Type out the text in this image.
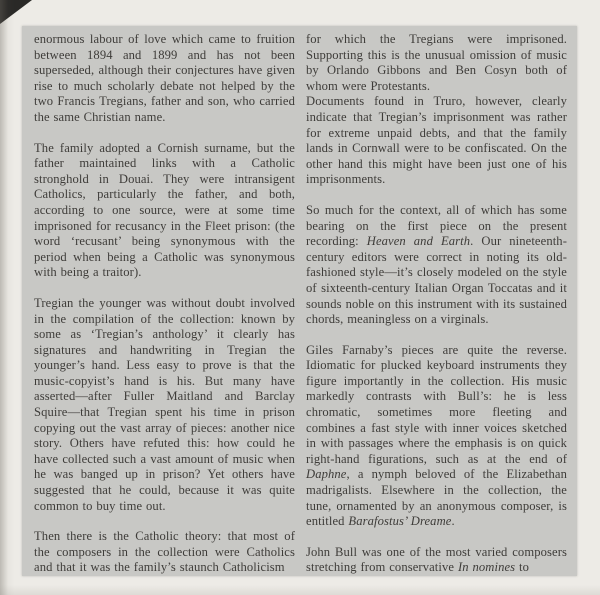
enormous labour of love which came to fruition between 1894 and 1899 and has not been superseded, although their conjectures have given rise to much scholarly debate not helped by the two Francis Tregians, father and son, who carried the same Christian name.

The family adopted a Cornish surname, but the father maintained links with a Catholic stronghold in Douai. They were intransigent Catholics, particularly the father, and both, according to one source, were at some time imprisoned for recusancy in the Fleet prison: (the word ‘recusant’ being synonymous with the period when being a Catholic was synonymous with being a traitor).

Tregian the younger was without doubt involved in the compilation of the collection: known by some as ‘Tregian’s anthology’ it clearly has signatures and handwriting in Tregian the younger’s hand. Less easy to prove is that the music-copyist’s hand is his. But many have asserted—after Fuller Maitland and Barclay Squire—that Tregian spent his time in prison copying out the vast array of pieces: another nice story. Others have refuted this: how could he have collected such a vast amount of music when he was banged up in prison? Yet others have suggested that he could, because it was quite common to buy time out.

Then there is the Catholic theory: that most of the composers in the collection were Catholics and that it was the family’s staunch Catholicism

for which the Tregians were imprisoned. Supporting this is the unusual omission of music by Orlando Gibbons and Ben Cosyn both of whom were Protestants.

Documents found in Truro, however, clearly indicate that Tregian’s imprisonment was rather for extreme unpaid debts, and that the family lands in Cornwall were to be confiscated. On the other hand this might have been just one of his imprisonments.

So much for the context, all of which has some bearing on the first piece on the present recording: Heaven and Earth. Our nineteenth-century editors were correct in noting its old-fashioned style—it’s closely modeled on the style of sixteenth-century Italian Organ Toccatas and it sounds noble on this instrument with its sustained chords, meaningless on a virginals.

Giles Farnaby’s pieces are quite the reverse. Idiomatic for plucked keyboard instruments they figure importantly in the collection. His music markedly contrasts with Bull’s: he is less chromatic, sometimes more fleeting and combines a fast style with inner voices sketched in with passages where the emphasis is on quick right-hand figurations, such as at the end of Daphne, a nymph beloved of the Elizabethan madrigalists. Elsewhere in the collection, the tune, ornamented by an anonymous composer, is entitled Barafostus’ Dreame.

John Bull was one of the most varied composers stretching from conservative In nomines to
